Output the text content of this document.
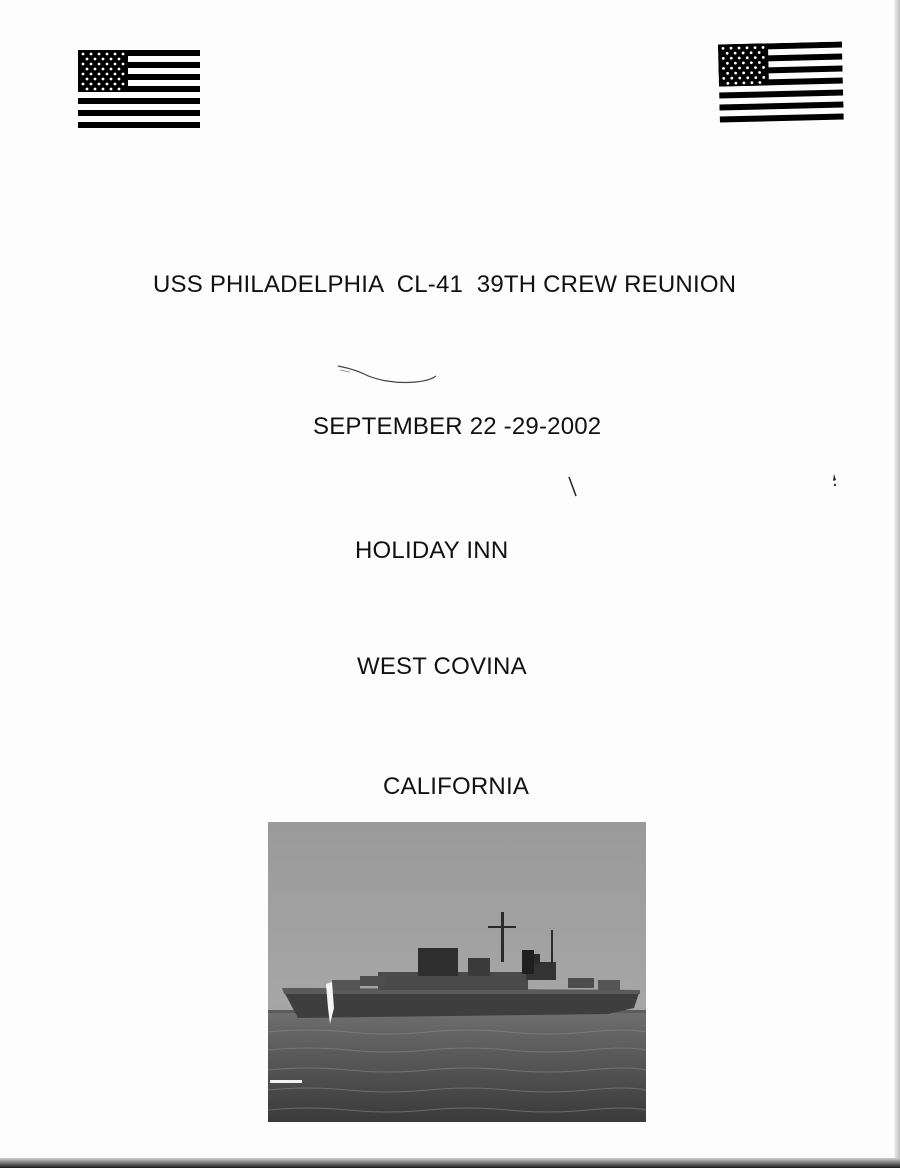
USS PHILADELPHIA  CL-41  39TH CREW REUNION
SEPTEMBER 22 -29-2002
HOLIDAY INN
WEST COVINA
CALIFORNIA
